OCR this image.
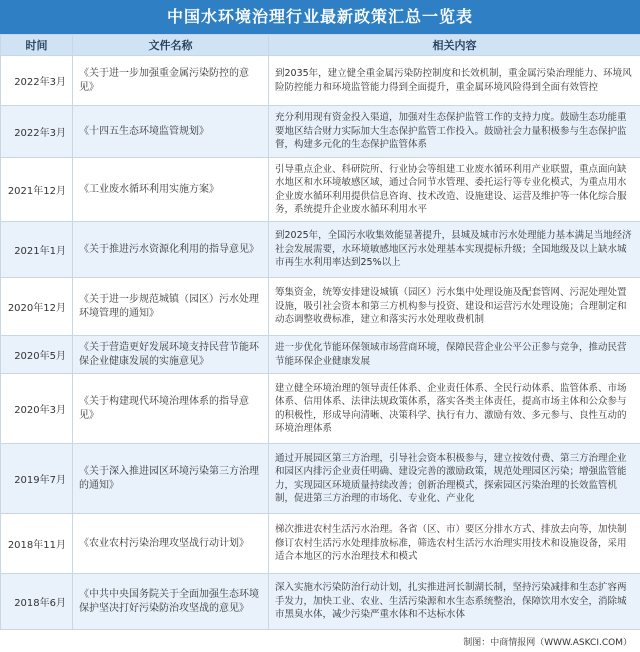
中国水环境治理行业最新政策汇总一览表
时间	文件名称	相关内容
2022年3月	《关于进一步加强重金属污染防控的意见》	到2035年，建立健全重金属污染防控制度和长效机制，重金属污染治理能力、环境风险防控能力和环境监管能力得到全面提升，重金属环境风险得到全面有效管控
2022年3月	《十四五生态环境监管规划》	充分利用现有资金投入渠道，加强对生态保护监管工作的支持力度。鼓励生态功能重要地区结合财力实际加大生态保护监管工作投入。鼓励社会力量积极参与生态保护监督，构建多元化的生态保护监管体系
2021年12月	《工业废水循环利用实施方案》	引导重点企业、科研院所、行业协会等组建工业废水循环利用产业联盟，重点面向缺水地区和水环境敏感区域，通过合同节水管理、委托运行等专业化模式，为重点用水企业废水循环利用提供信息咨询、技术改造、设施建设、运营及维护等一体化综合服务，系统提升企业废水循环利用水平
2021年1月	《关于推进污水资源化利用的指导意见》	到2025年，全国污水收集效能显著提升，县城及城市污水处理能力基本满足当地经济社会发展需要，水环境敏感地区污水处理基本实现提标升级；全国地级及以上缺水城市再生水利用率达到25%以上
2020年12月	《关于进一步规范城镇（园区）污水处理环境管理的通知》	筹集资金，统筹安排建设城镇（园区）污水集中处理设施及配套管网、污泥处理处置设施，吸引社会资本和第三方机构参与投资、建设和运营污水处理设施；合理制定和动态调整收费标准，建立和落实污水处理收费机制
2020年5月	《关于营造更好发展环境支持民营节能环保企业健康发展的实施意见》	进一步优化节能环保领域市场营商环境，保障民营企业公平公正参与竞争，推动民营节能环保企业健康发展
2020年3月	《关于构建现代环境治理体系的指导意见》	建立健全环境治理的领导责任体系、企业责任体系、全民行动体系、监管体系、市场体系、信用体系、法律法规政策体系，落实各类主体责任，提高市场主体和公众参与的积极性，形成导向清晰、决策科学、执行有力、激励有效、多元参与、良性互动的环境治理体系
2019年7月	《关于深入推进园区环境污染第三方治理的通知》	通过开展园区第三方治理，引导社会资本积极参与，建立按效付费、第三方治理企业和园区内排污企业责任明确、建设完善的激励政策，规范处理园区污染；增强监管能力，实现园区环境质量持续改善；创新治理模式，探索园区污染治理的长效监管机制，促进第三方治理的市场化、专业化、产业化
2018年11月	《农业农村污染治理攻坚战行动计划》	梯次推进农村生活污水治理。各省（区、市）要区分排水方式、排放去向等，加快制修订农村生活污水处理排放标准，筛选农村生活污水治理实用技术和设施设备，采用适合本地区的污水治理技术和模式
2018年6月	《中共中央国务院关于全面加强生态环境保护坚决打好污染防治攻坚战的意见》	深入实施水污染防治行动计划，扎实推进河长制湖长制，坚持污染减排和生态扩容两手发力，加快工业、农业、生活污染源和水生态系统整治，保障饮用水安全，消除城市黑臭水体，减少污染严重水体和不达标水体
制图：中商情报网（WWW.ASKCI.COM）
